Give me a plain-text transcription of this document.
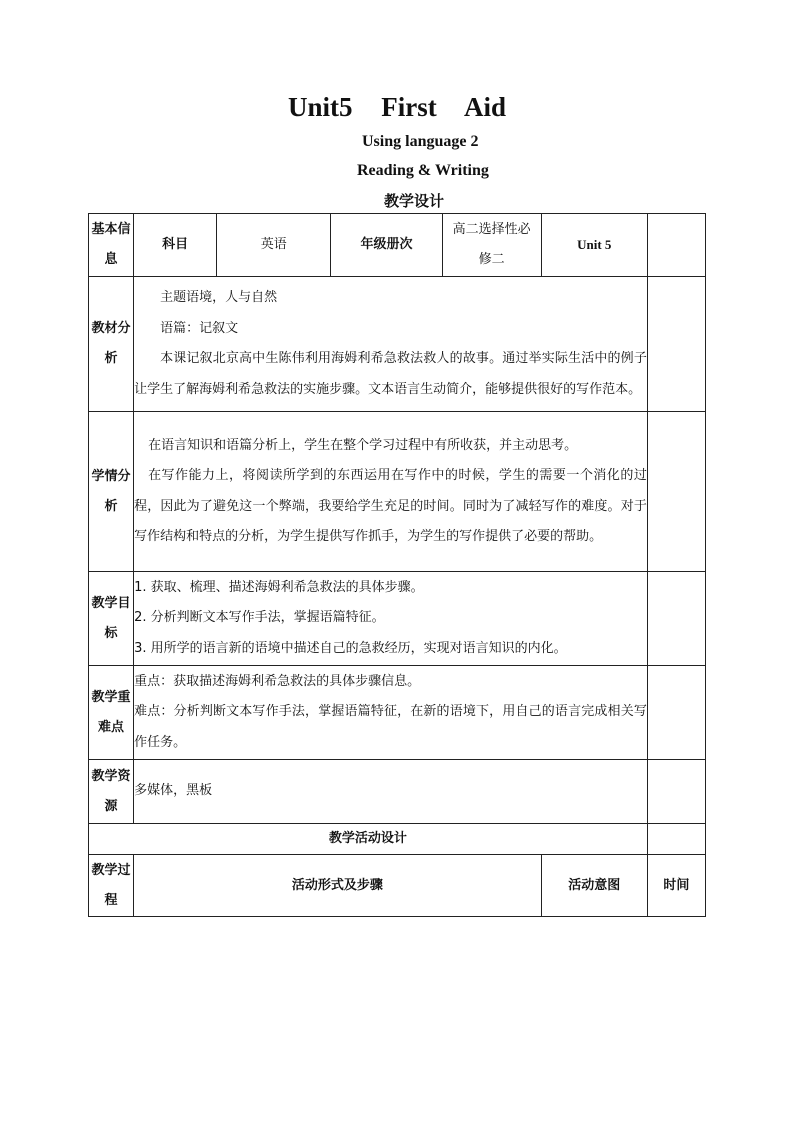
Unit5 First Aid
Using language 2
Reading & Writing
教学设计
基本信息	科目	英语	年级册次	高二选择性必修二	Unit 5	
教材分析	主题语境，人与自然

语篇：记叙文

本课记叙北京高中生陈伟利用海姆利希急救法救人的故事。通过举实际生活中的例子让学生了解海姆利希急救法的实施步骤。文本语言生动简介，能够提供很好的写作范本。					

学情分析	在语言知识和语篇分析上，学生在整个学习过程中有所收获，并主动思考。

在写作能力上，将阅读所学到的东西运用在写作中的时候，学生的需要一个消化的过程，因此为了避免这一个弊端，我要给学生充足的时间。同时为了减轻写作的难度。对于写作结构和特点的分析，为学生提供写作抓手，为学生的写作提供了必要的帮助。					

教学目标	1. 获取、梳理、描述海姆利希急救法的具体步骤。

2. 分析判断文本写作手法，掌握语篇特征。

3. 用所学的语言新的语境中描述自己的急救经历，实现对语言知识的内化。					

教学重难点	重点：获取描述海姆利希急救法的具体步骤信息。

难点：分析判断文本写作手法，掌握语篇特征，在新的语境下，用自己的语言完成相关写作任务。					

教学资源	多媒体，黑板					
教学活动设计						
教学过程	活动形式及步骤				活动意图	时间
